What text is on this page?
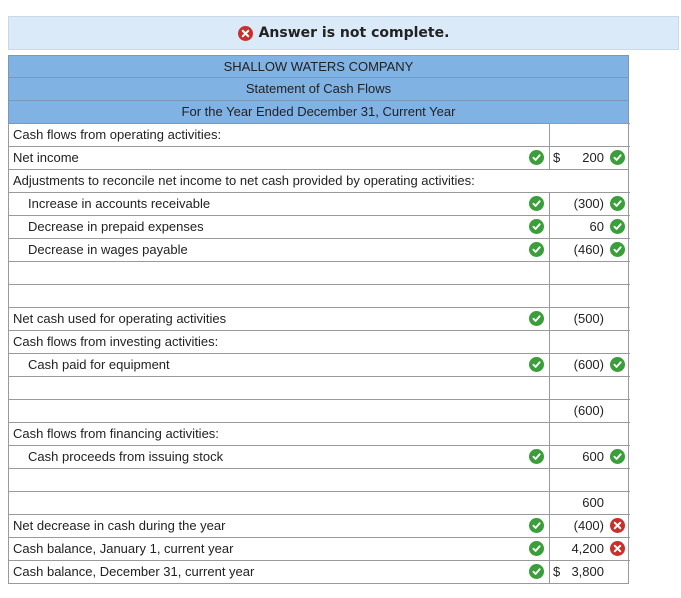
Answer is not complete.
SHALLOW WATERS COMPANY
Statement of Cash Flows
For the Year Ended December 31, Current Year
Cash flows from operating activities:
Net income	$ 200
Adjustments to reconcile net income to net cash provided by operating activities:
Increase in accounts receivable	(300)
Decrease in prepaid expenses	60
Decrease in wages payable	(460)
Net cash used for operating activities	(500)
Cash flows from investing activities:
Cash paid for equipment	(600)
(600)
Cash flows from financing activities:
Cash proceeds from issuing stock	600
600
Net decrease in cash during the year	(400)
Cash balance, January 1, current year	4,200
Cash balance, December 31, current year	$ 3,800
